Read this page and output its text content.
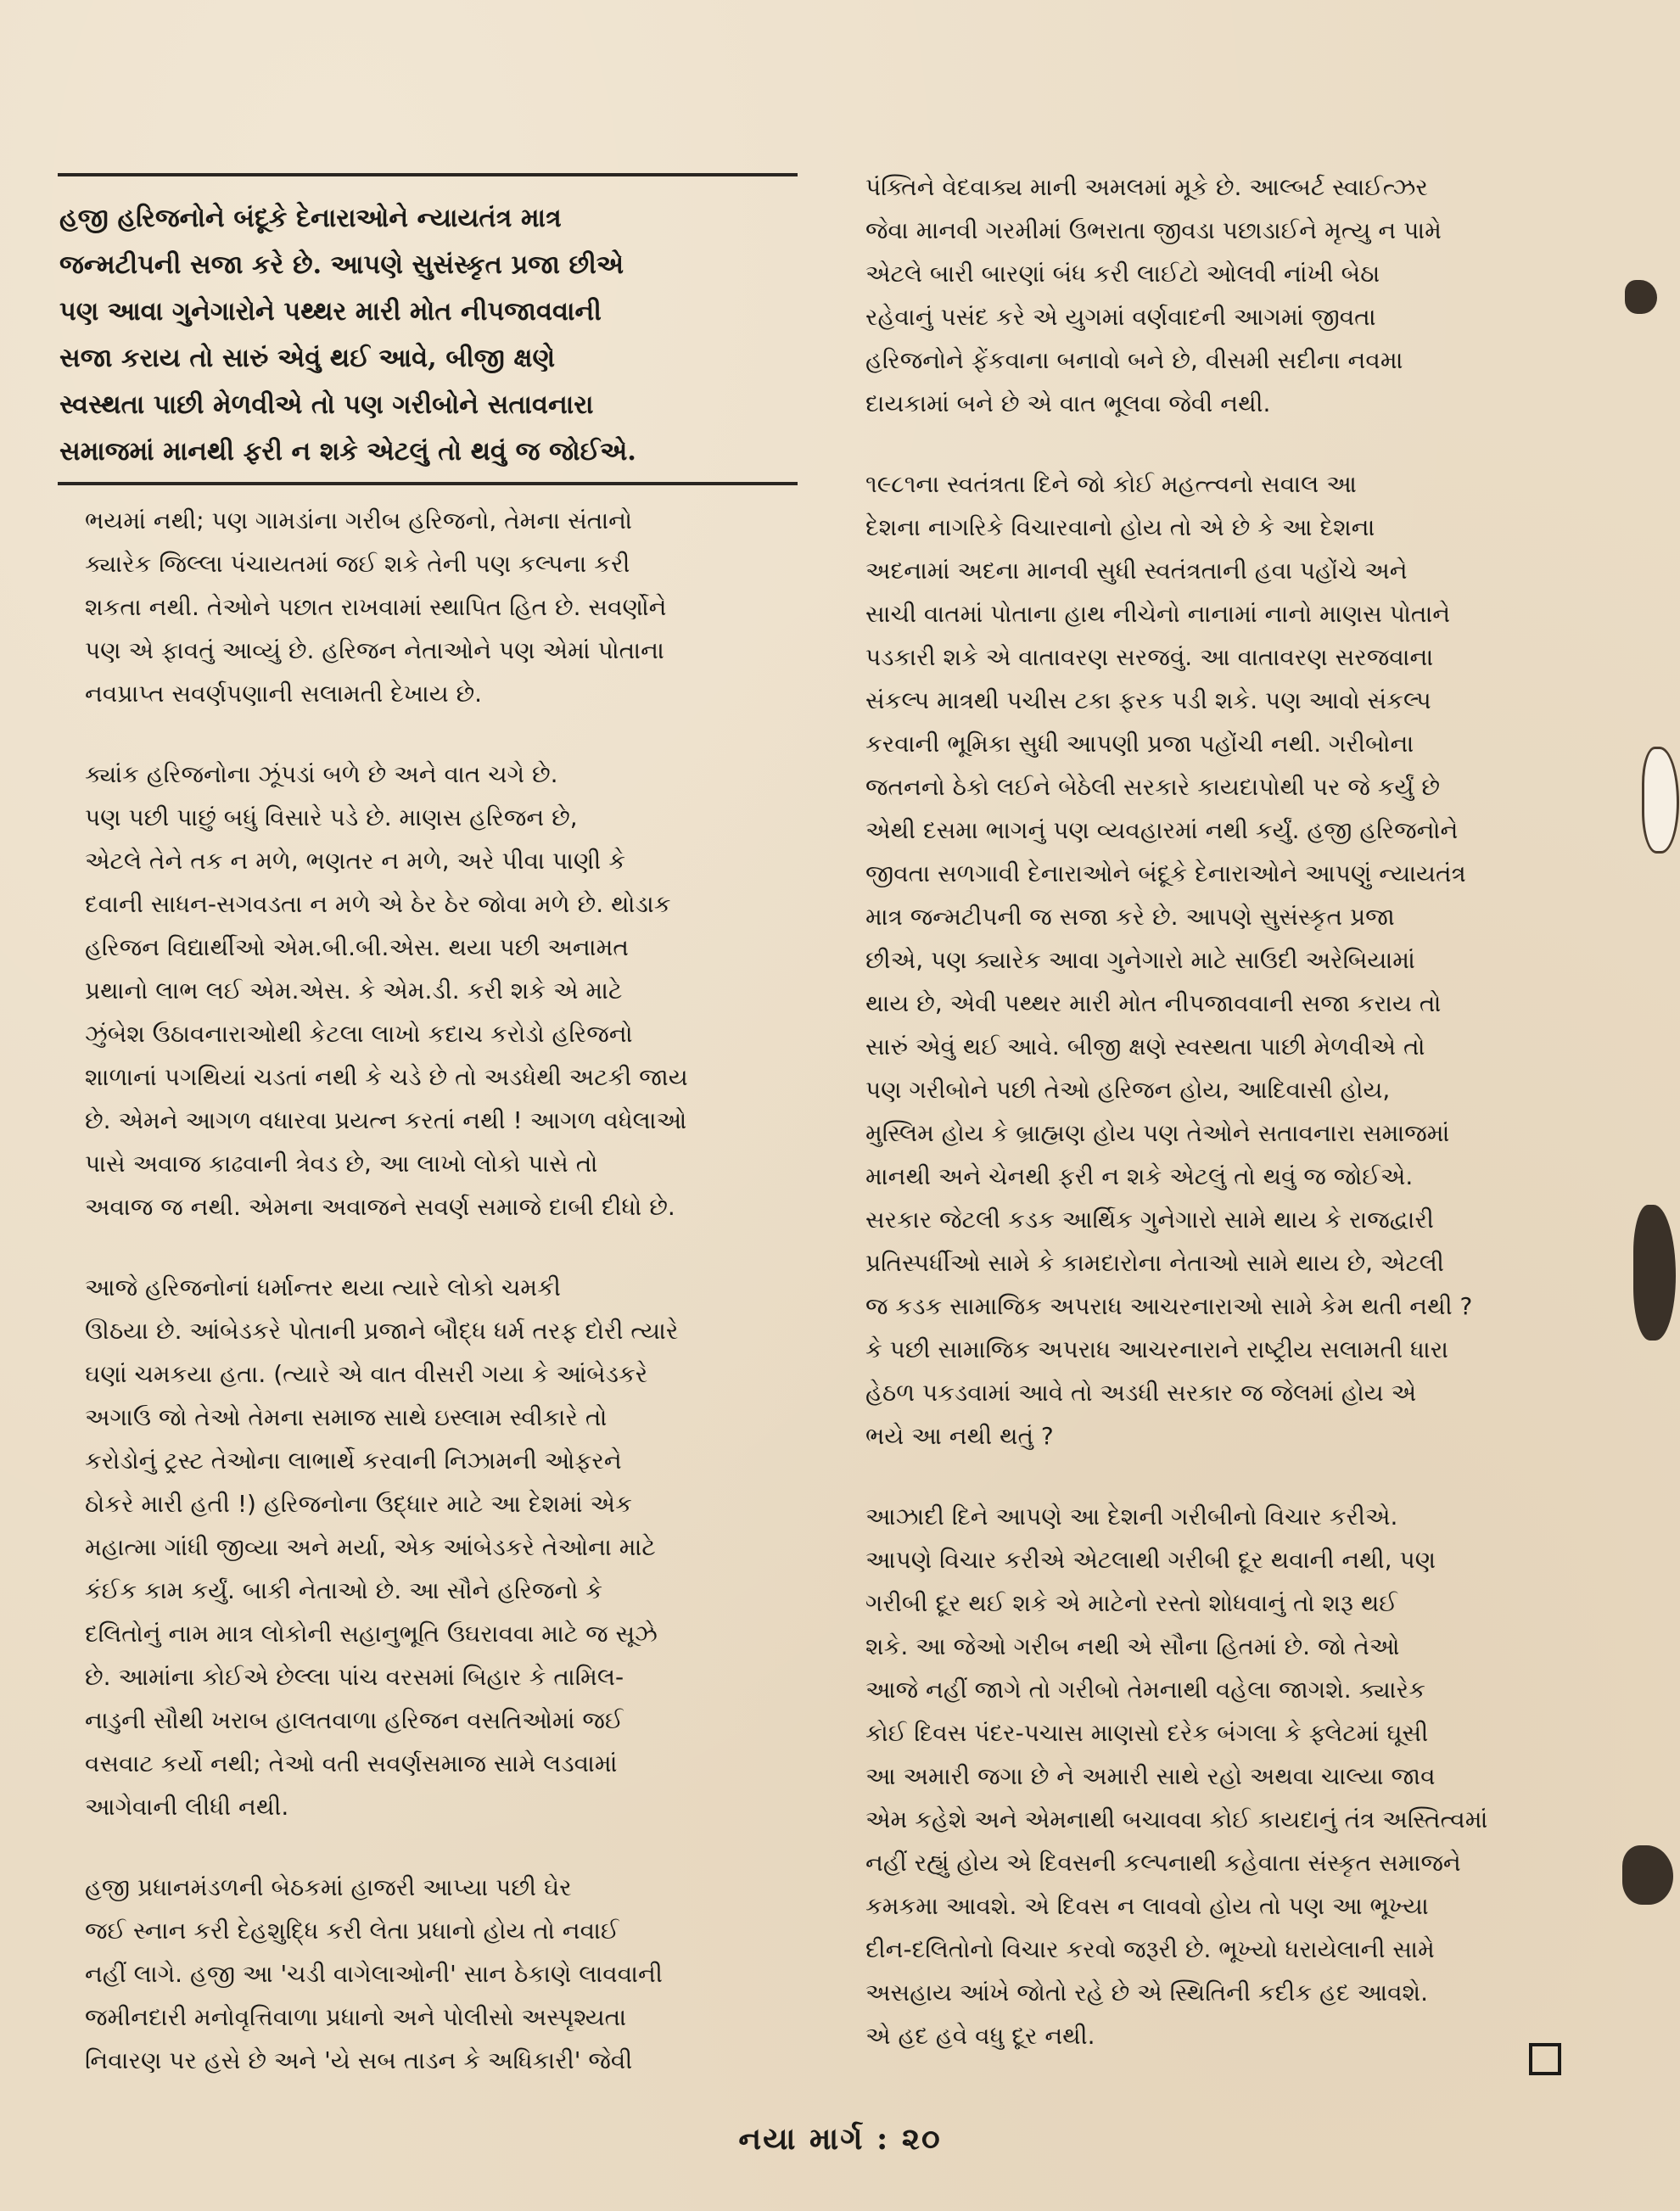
હજી હરિજનોને બંદૂકે દેનારાઓને ન્યાયતંત્ર માત્ર
જન્મટીપની સજા કરે છે. આપણે સુસંસ્કૃત પ્રજા છીએ
પણ આવા ગુનેગારોને પથ્થર મારી મોત નીપજાવવાની
સજા કરાય તો સારું એવું થઈ આવે, બીજી ક્ષણે
સ્વસ્થતા પાછી મેળવીએ તો પણ ગરીબોને સતાવનારા
સમાજમાં માનથી ફરી ન શકે એટલું તો થવું જ જોઈએ.
ભયમાં નથી; પણ ગામડાંના ગરીબ હરિજનો, તેમના સંતાનો
ક્યારેક જિલ્લા પંચાયતમાં જઈ શકે તેની પણ કલ્પના કરી
શકતા નથી. તેઓને પછાત રાખવામાં સ્થાપિત હિત છે. સવર્ણોને
પણ એ ફાવતું આવ્યું છે. હરિજન નેતાઓને પણ એમાં પોતાના
નવપ્રાપ્ત સવર્ણપણાની સલામતી દેખાય છે.
ક્યાંક હરિજનોના ઝૂંપડાં બળે છે અને વાત ચગે છે.
પણ પછી પાછું બધું વિસારે પડે છે. માણસ હરિજન છે,
એટલે તેને તક ન મળે, ભણતર ન મળે, અરે પીવા પાણી કે
દવાની સાધન-સગવડતા ન મળે એ ઠેર ઠેર જોવા મળે છે. થોડાક
હરિજન વિદ્યાર્થીઓ એમ.બી.બી.એસ. થયા પછી અનામત
પ્રથાનો લાભ લઈ એમ.એસ. કે એમ.ડી. કરી શકે એ માટે
ઝુંબેશ ઉઠાવનારાઓથી કેટલા લાખો કદાચ કરોડો હરિજનો
શાળાનાં પગથિયાં ચડતાં નથી કે ચડે છે તો અડધેથી અટકી જાય
છે. એમને આગળ વધારવા પ્રયત્ન કરતાં નથી ! આગળ વધેલાઓ
પાસે અવાજ કાઢવાની ત્રેવડ છે, આ લાખો લોકો પાસે તો
અવાજ જ નથી. એમના અવાજને સવર્ણ સમાજે દાબી દીધો છે.
આજે હરિજનોનાં ધર્માન્તર થયા ત્યારે લોકો ચમકી
ઊઠયા છે. આંબેડકરે પોતાની પ્રજાને બૌદ્ધ ધર્મ તરફ દોરી ત્યારે
ઘણાં ચમકયા હતા. (ત્યારે એ વાત વીસરી ગયા કે આંબેડકરે
અગાઉ જો તેઓ તેમના સમાજ સાથે ઇસ્લામ સ્વીકારે તો
કરોડોનું ટ્રસ્ટ તેઓના લાભાર્થે કરવાની નિઝામની ઓફરને
ઠોકરે મારી હતી !) હરિજનોના ઉદ્ધાર માટે આ દેશમાં એક
મહાત્મા ગાંધી જીવ્યા અને મર્યા, એક આંબેડકરે તેઓના માટે
કંઈક કામ કર્યું. બાકી નેતાઓ છે. આ સૌને હરિજનો કે
દલિતોનું નામ માત્ર લોકોની સહાનુભૂતિ ઉઘરાવવા માટે જ સૂઝે
છે. આમાંના કોઈએ છેલ્લા પાંચ વરસમાં બિહાર કે તામિલ-
નાડુની સૌથી ખરાબ હાલતવાળા હરિજન વસતિઓમાં જઈ
વસવાટ કર્યો નથી; તેઓ વતી સવર્ણસમાજ સામે લડવામાં
આગેવાની લીધી નથી.
હજી પ્રધાનમંડળની બેઠકમાં હાજરી આપ્યા પછી ઘેર
જઈ સ્નાન કરી દેહશુદ્ધિ કરી લેતા પ્રધાનો હોય તો નવાઈ
નહીં લાગે. હજી આ 'ચડી વાગેલાઓની' સાન ઠેકાણે લાવવાની
જમીનદારી મનોવૃત્તિવાળા પ્રધાનો અને પોલીસો અસ્પૃશ્યતા
નિવારણ પર હસે છે અને 'યે સબ તાડન કે અધિકારી' જેવી
પંક્તિને વેદવાક્ય માની અમલમાં મૂકે છે. આલ્બર્ટ સ્વાઈત્ઝર
જેવા માનવી ગરમીમાં ઉભરાતા જીવડા પછાડાઈને મૃત્યુ ન પામે
એટલે બારી બારણાં બંધ કરી લાઈટો ઓલવી નાંખી બેઠા
રહેવાનું પસંદ કરે એ યુગમાં વર્ણવાદની આગમાં જીવતા
હરિજનોને ફેંકવાના બનાવો બને છે, વીસમી સદીના નવમા
દાયકામાં બને છે એ વાત ભૂલવા જેવી નથી.
૧૯૮૧ના સ્વતંત્રતા દિને જો કોઈ મહત્ત્વનો સવાલ આ
દેશના નાગરિકે વિચારવાનો હોય તો એ છે કે આ દેશના
અદનામાં અદના માનવી સુધી સ્વતંત્રતાની હવા પહોંચે અને
સાચી વાતમાં પોતાના હાથ નીચેનો નાનામાં નાનો માણસ પોતાને
પડકારી શકે એ વાતાવરણ સરજવું. આ વાતાવરણ સરજવાના
સંકલ્પ માત્રથી પચીસ ટકા ફરક પડી શકે. પણ આવો સંકલ્પ
કરવાની ભૂમિકા સુધી આપણી પ્રજા પહોંચી નથી. ગરીબોના
જતનનો ઠેકો લઈને બેઠેલી સરકારે કાયદાપોથી પર જે કર્યું છે
એથી દસમા ભાગનું પણ વ્યવહારમાં નથી કર્યું. હજી હરિજનોને
જીવતા સળગાવી દેનારાઓને બંદૂકે દેનારાઓને આપણું ન્યાયતંત્ર
માત્ર જન્મટીપની જ સજા કરે છે. આપણે સુસંસ્કૃત પ્રજા
છીએ, પણ ક્યારેક આવા ગુનેગારો માટે સાઉદી અરેબિયામાં
થાય છે, એવી પથ્થર મારી મોત નીપજાવવાની સજા કરાય તો
સારું એવું થઈ આવે. બીજી ક્ષણે સ્વસ્થતા પાછી મેળવીએ તો
પણ ગરીબોને પછી તેઓ હરિજન હોય, આદિવાસી હોય,
મુસ્લિમ હોય કે બ્રાહ્મણ હોય પણ તેઓને સતાવનારા સમાજમાં
માનથી અને ચેનથી ફરી ન શકે એટલું તો થવું જ જોઈએ.
સરકાર જેટલી કડક આર્થિક ગુનેગારો સામે થાય કે રાજદ્વારી
પ્રતિસ્પર્ધીઓ સામે કે કામદારોના નેતાઓ સામે થાય છે, એટલી
જ કડક સામાજિક અપરાધ આચરનારાઓ સામે કેમ થતી નથી ?
કે પછી સામાજિક અપરાધ આચરનારાને રાષ્ટ્રીય સલામતી ધારા
હેઠળ પકડવામાં આવે તો અડધી સરકાર જ જેલમાં હોય એ
ભયે આ નથી થતું ?
આઝાદી દિને આપણે આ દેશની ગરીબીનો વિચાર કરીએ.
આપણે વિચાર કરીએ એટલાથી ગરીબી દૂર થવાની નથી, પણ
ગરીબી દૂર થઈ શકે એ માટેનો રસ્તો શોધવાનું તો શરૂ થઈ
શકે. આ જેઓ ગરીબ નથી એ સૌના હિતમાં છે. જો તેઓ
આજે નહીં જાગે તો ગરીબો તેમનાથી વહેલા જાગશે. ક્યારેક
કોઈ દિવસ પંદર-પચાસ માણસો દરેક બંગલા કે ફ્લેટમાં ઘૂસી
આ અમારી જગા છે ને અમારી સાથે રહો અથવા ચાલ્યા જાવ
એમ કહેશે અને એમનાથી બચાવવા કોઈ કાયદાનું તંત્ર અસ્તિત્વમાં
નહીં રહ્યું હોય એ દિવસની કલ્પનાથી કહેવાતા સંસ્કૃત સમાજને
કમકમા આવશે. એ દિવસ ન લાવવો હોય તો પણ આ ભૂખ્યા
દીન-દલિતોનો વિચાર કરવો જરૂરી છે. ભૂખ્યો ધરાયેલાની સામે
અસહાય આંખે જોતો રહે છે એ સ્થિતિની કદીક હદ આવશે.
એ હદ હવે વધુ દૂર નથી.
નયા માર્ગ : ૨૦
